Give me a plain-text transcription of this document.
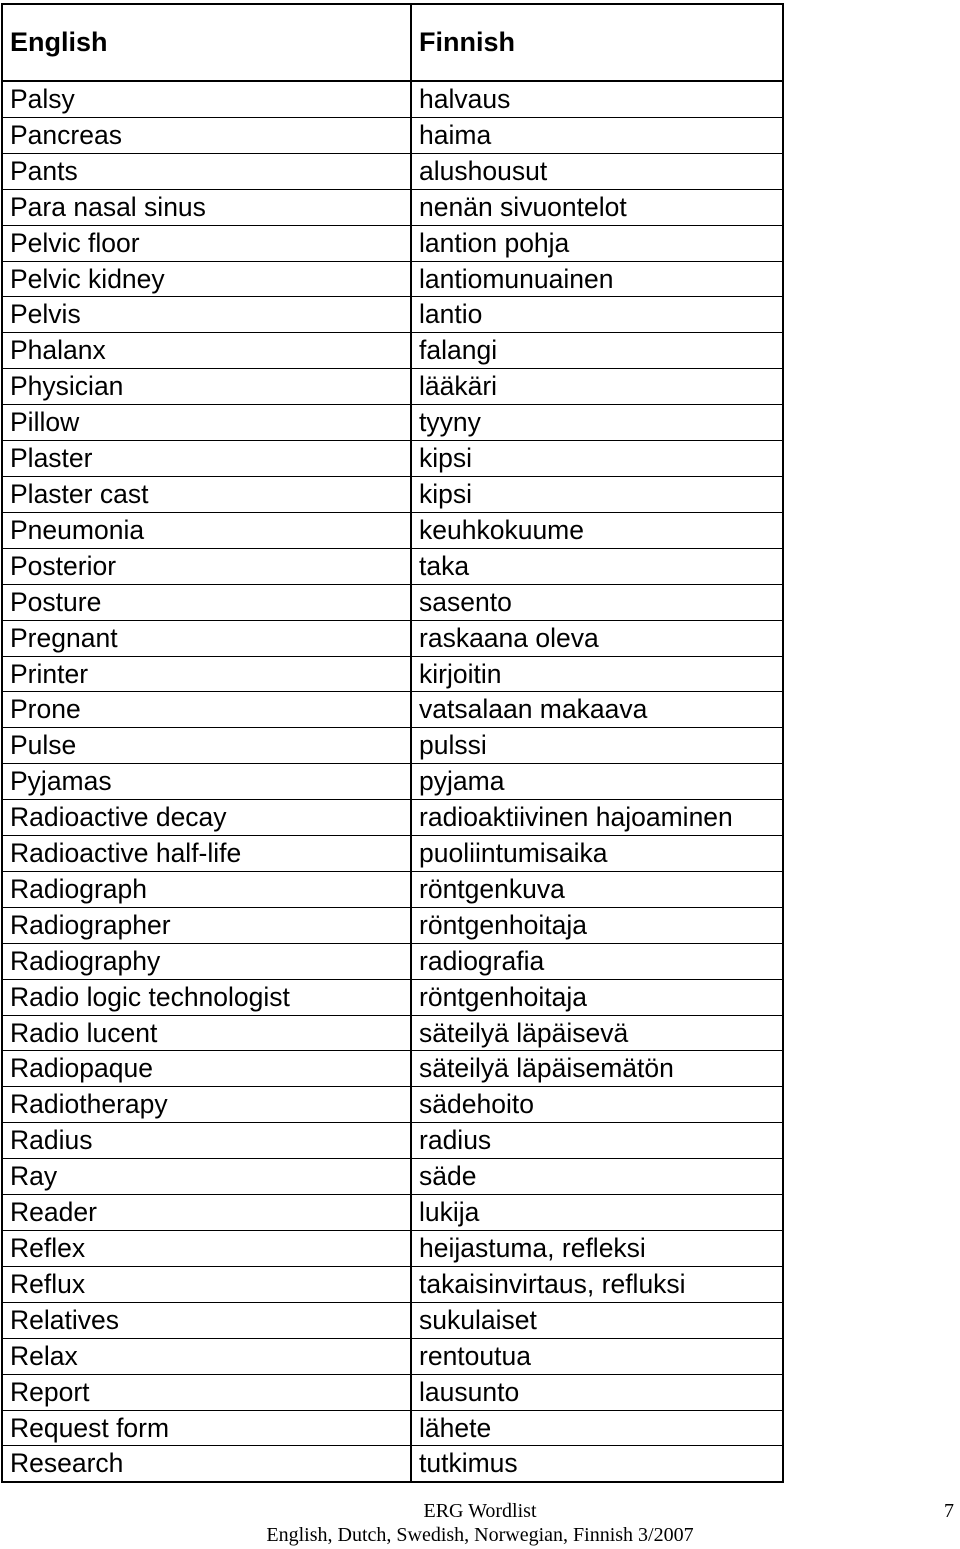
English	Finnish
Palsy	halvaus
Pancreas	haima
Pants	alushousut
Para nasal sinus	nenän sivuontelot
Pelvic floor	lantion pohja
Pelvic kidney	lantiomunuainen
Pelvis	lantio
Phalanx	falangi
Physician	lääkäri
Pillow	tyyny
Plaster	kipsi
Plaster cast	kipsi
Pneumonia	keuhkokuume
Posterior	taka
Posture	sasento
Pregnant	raskaana oleva
Printer	kirjoitin
Prone	vatsalaan makaava
Pulse	pulssi
Pyjamas	pyjama
Radioactive decay	radioaktiivinen hajoaminen
Radioactive half-life	puoliintumisaika
Radiograph	röntgenkuva
Radiographer	röntgenhoitaja
Radiography	radiografia
Radio logic technologist	röntgenhoitaja
Radio lucent	säteilyä läpäisevä
Radiopaque	säteilyä läpäisemätön
Radiotherapy	sädehoito
Radius	radius
Ray	säde
Reader	lukija
Reflex	heijastuma, refleksi
Reflux	takaisinvirtaus, refluksi
Relatives	sukulaiset
Relax	rentoutua
Report	lausunto
Request form	lähete
Research	tutkimus
ERG Wordlist
English, Dutch, Swedish, Norwegian, Finnish 3/2007
7
